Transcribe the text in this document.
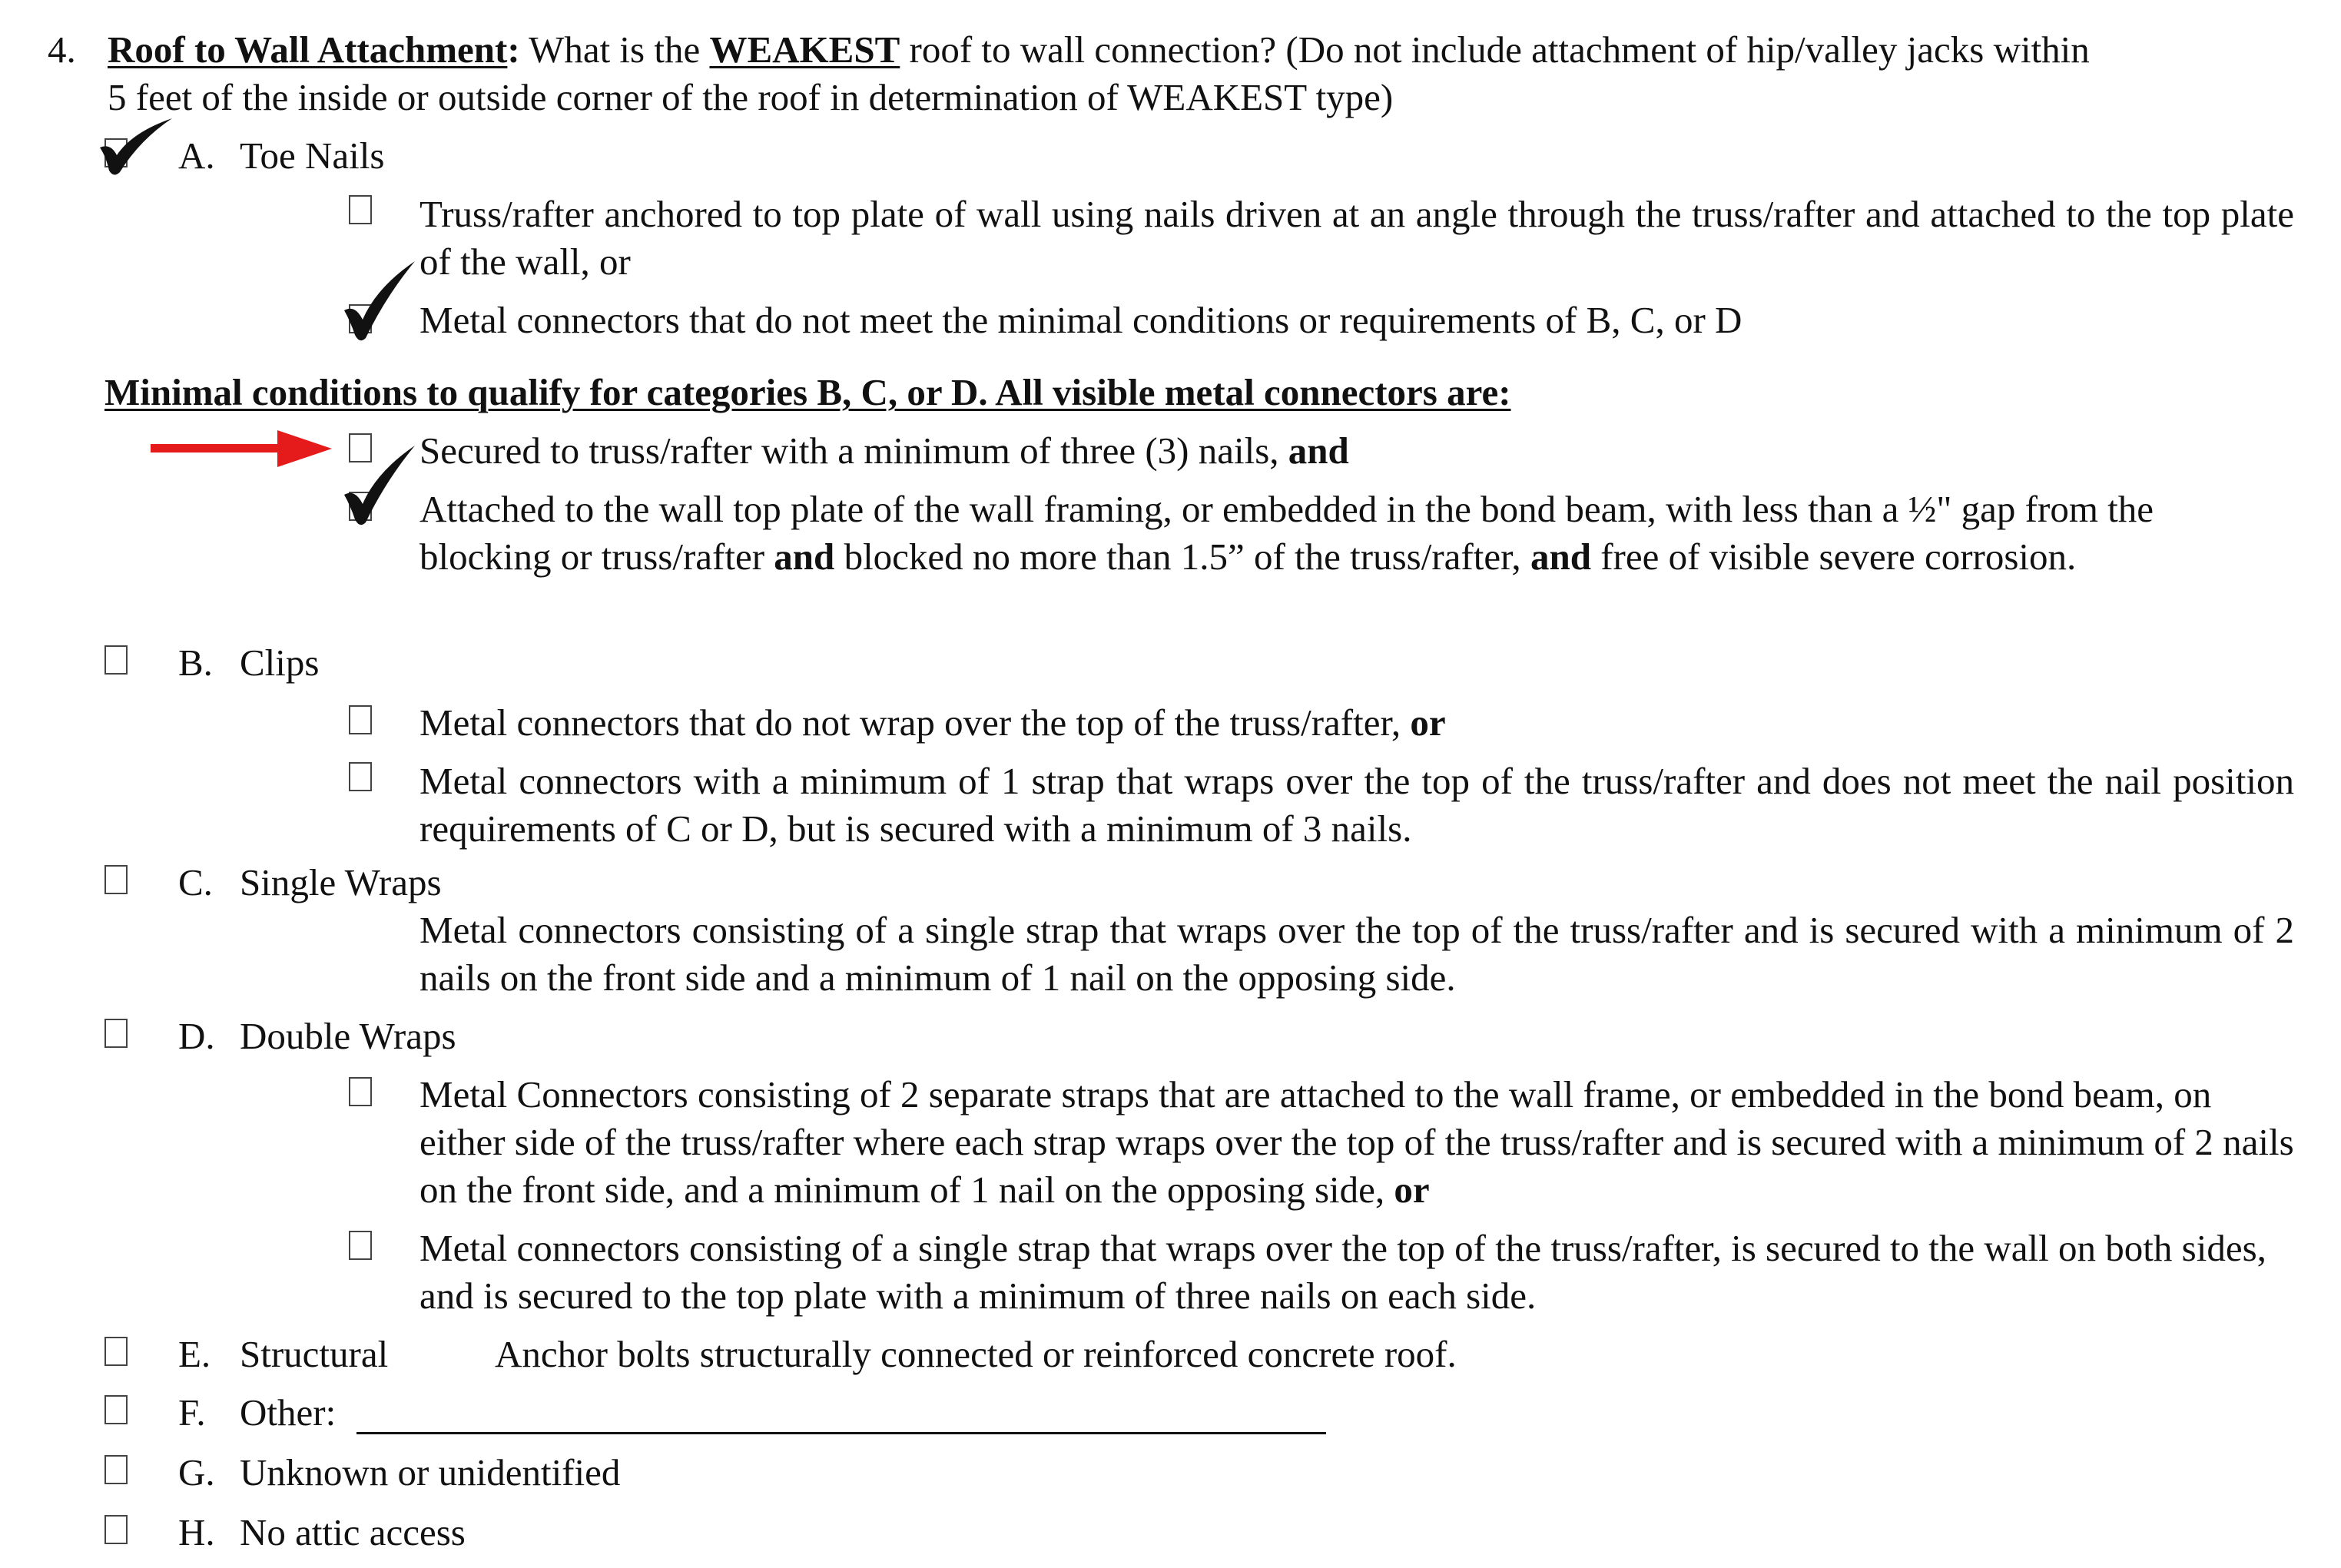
4. Roof to Wall Attachment: What is the WEAKEST roof to wall connection? (Do not include attachment of hip/valley jacks within
5 feet of the inside or outside corner of the roof in determination of WEAKEST type)
A. Toe Nails
Truss/rafter anchored to top plate of wall using nails driven at an angle through the truss/rafter and attached to the top plate of the wall, or
Metal connectors that do not meet the minimal conditions or requirements of B, C, or D
Minimal conditions to qualify for categories B, C, or D. All visible metal connectors are:
Secured to truss/rafter with a minimum of three (3) nails, and
Attached to the wall top plate of the wall framing, or embedded in the bond beam, with less than a ½" gap from the blocking or truss/rafter and blocked no more than 1.5” of the truss/rafter, and free of visible severe corrosion.
B. Clips
Metal connectors that do not wrap over the top of the truss/rafter, or
Metal connectors with a minimum of 1 strap that wraps over the top of the truss/rafter and does not meet the nail position requirements of C or D, but is secured with a minimum of 3 nails.
C. Single Wraps
Metal connectors consisting of a single strap that wraps over the top of the truss/rafter and is secured with a minimum of 2 nails on the front side and a minimum of 1 nail on the opposing side.
D. Double Wraps
Metal Connectors consisting of 2 separate straps that are attached to the wall frame, or embedded in the bond beam, on either side of the truss/rafter where each strap wraps over the top of the truss/rafter and is secured with a minimum of 2 nails on the front side, and a minimum of 1 nail on the opposing side, or
Metal connectors consisting of a single strap that wraps over the top of the truss/rafter, is secured to the wall on both sides, and is secured to the top plate with a minimum of three nails on each side.
E. Structural	Anchor bolts structurally connected or reinforced concrete roof.
F. Other:
G. Unknown or unidentified
H. No attic access
